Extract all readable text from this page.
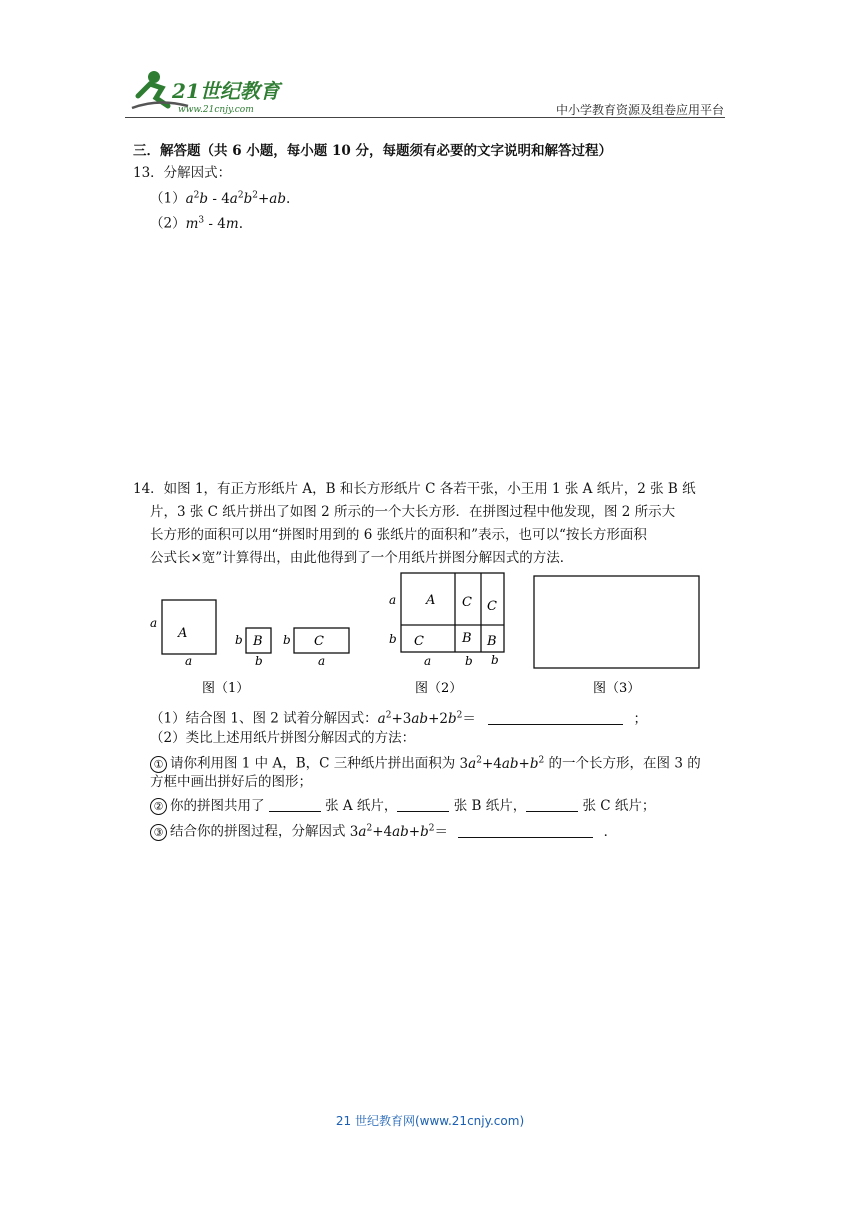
21世纪教育
www.21cnjy.com	中小学教育资源及组卷应用平台
三．解答题（共 6 小题，每小题 10 分，每题须有必要的文字说明和解答过程）
13．分解因式：
$(1)a^2b$ ‑ $4a^2b^2+ab$.
$(2)m^3$ ‑ 4m.
14．如图 1，有正方形纸片 A，B 和长方形纸片 C 各若干张，小王用 1 张 A 纸片，2 张 B 纸
片，3 张 C 纸片拼出了如图 2 所示的一个大长方形．在拼图过程中他发现，图 2 所示大
长方形的面积可以用“拼图时用到的 6 张纸片的面积和”表示，也可以“按长方形面积
公式长×宽”计算得出，由此他得到了一个用纸片拼图分解因式的方法．
A
a
a
B
b
b
C
b
a
图（1）
A C C
C	B B
a
b
a	b b
图（2）	图（3）
（1）结合图 1、图 2 试着分解因式：$a^2+3ab+2b^2=$	；
（2）类比上述用纸片拼图分解因式的方法：
① 请你利用图 1 中 A，B，C 三种纸片拼出面积为 $3a^2+4ab+b^2$ 的一个长方形，在图 3 的
方框中画出拼好后的图形；
② 你的拼图共用了	张 A 纸片，	张 B 纸片，	张 C 纸片；
③ 结合你的拼图过程，分解因式 $3a^2+4ab+b^2=$	．
21 世纪教育网(www.21cnjy.com)
